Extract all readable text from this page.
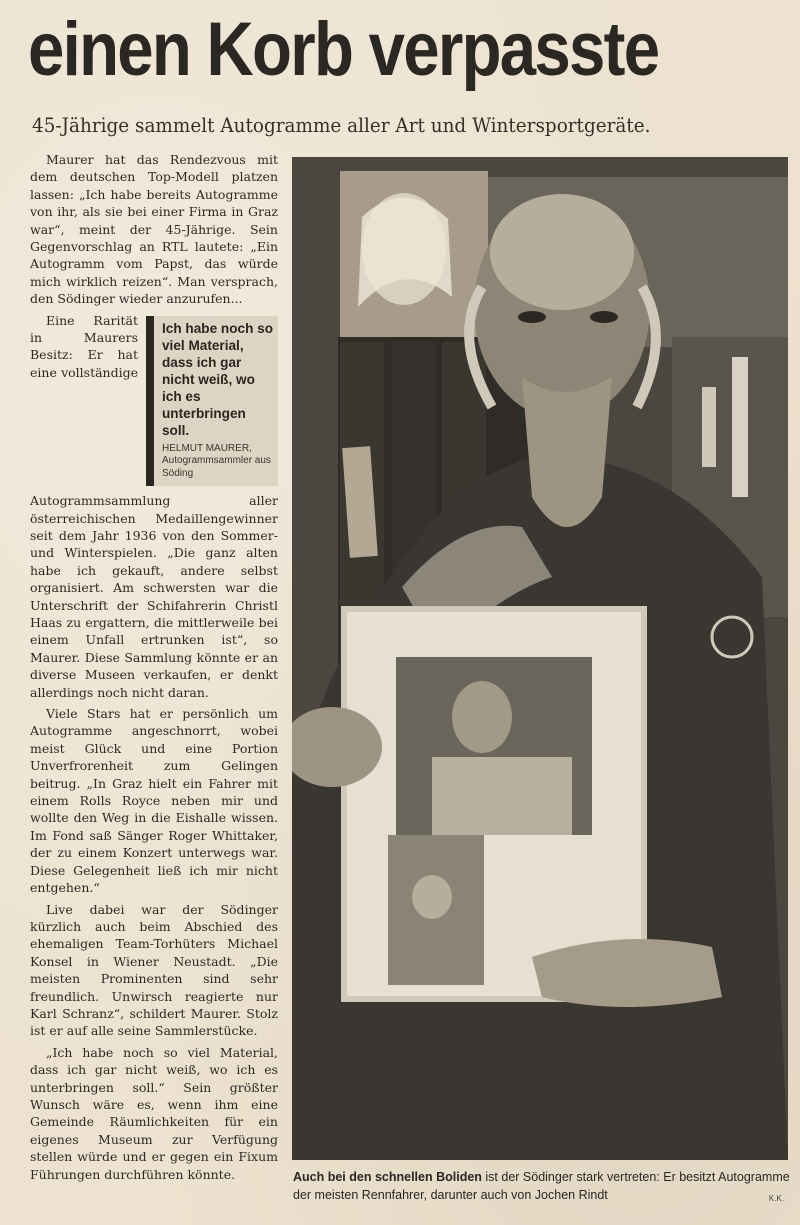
einen Korb verpasste
45-Jährige sammelt Autogramme aller Art und Wintersportgeräte.

Maurer hat das Rendezvous mit dem deutschen Top-Modell platzen lassen: „Ich habe bereits Autogramme von ihr, als sie bei einer Firma in Graz war“, meint der 45-Jährige. Sein Gegenvorschlag an RTL lautete: „Ein Autogramm vom Papst, das würde mich wirklich reizen“. Man versprach, den Södinger wieder anzurufen...

Ich habe noch so viel Material, dass ich gar nicht weiß, wo ich es unterbringen soll.
HELMUT MAURER,
Autogrammsammler aus Söding
Eine Rarität in Maurers Besitz: Er hat eine vollständige Autogrammsammlung aller österreichischen Medaillengewinner seit dem Jahr 1936 von den Sommer- und Winterspielen. „Die ganz alten habe ich gekauft, andere selbst organisiert. Am schwersten war die Unterschrift der Schifahrerin Christl Haas zu ergattern, die mittlerweile bei einem Unfall ertrunken ist“, so Maurer. Diese Sammlung könnte er an diverse Museen verkaufen, er denkt allerdings noch nicht daran.

Viele Stars hat er persönlich um Autogramme angeschnorrt, wobei meist Glück und eine Portion Unverfrorenheit zum Gelingen beitrug. „In Graz hielt ein Fahrer mit einem Rolls Royce neben mir und wollte den Weg in die Eishalle wissen. Im Fond saß Sänger Roger Whittaker, der zu einem Konzert unterwegs war. Diese Gelegenheit ließ ich mir nicht entgehen.“

Live dabei war der Södinger kürzlich auch beim Abschied des ehemaligen Team-Torhüters Michael Konsel in Wiener Neustadt. „Die meisten Prominenten sind sehr freundlich. Unwirsch reagierte nur Karl Schranz“, schildert Maurer. Stolz ist er auf alle seine Sammlerstücke.

„Ich habe noch so viel Material, dass ich gar nicht weiß, wo ich es unterbringen soll.“ Sein größter Wunsch wäre es, wenn ihm eine Gemeinde Räumlichkeiten für ein eigenes Museum zur Verfügung stellen würde und er gegen ein Fixum Führungen durchführen könnte.	Auch bei den schnellen Boliden ist der Södinger stark vertreten: Er besitzt Autogramme der meisten Rennfahrer, darunter auch von Jochen Rindt	K.K.
